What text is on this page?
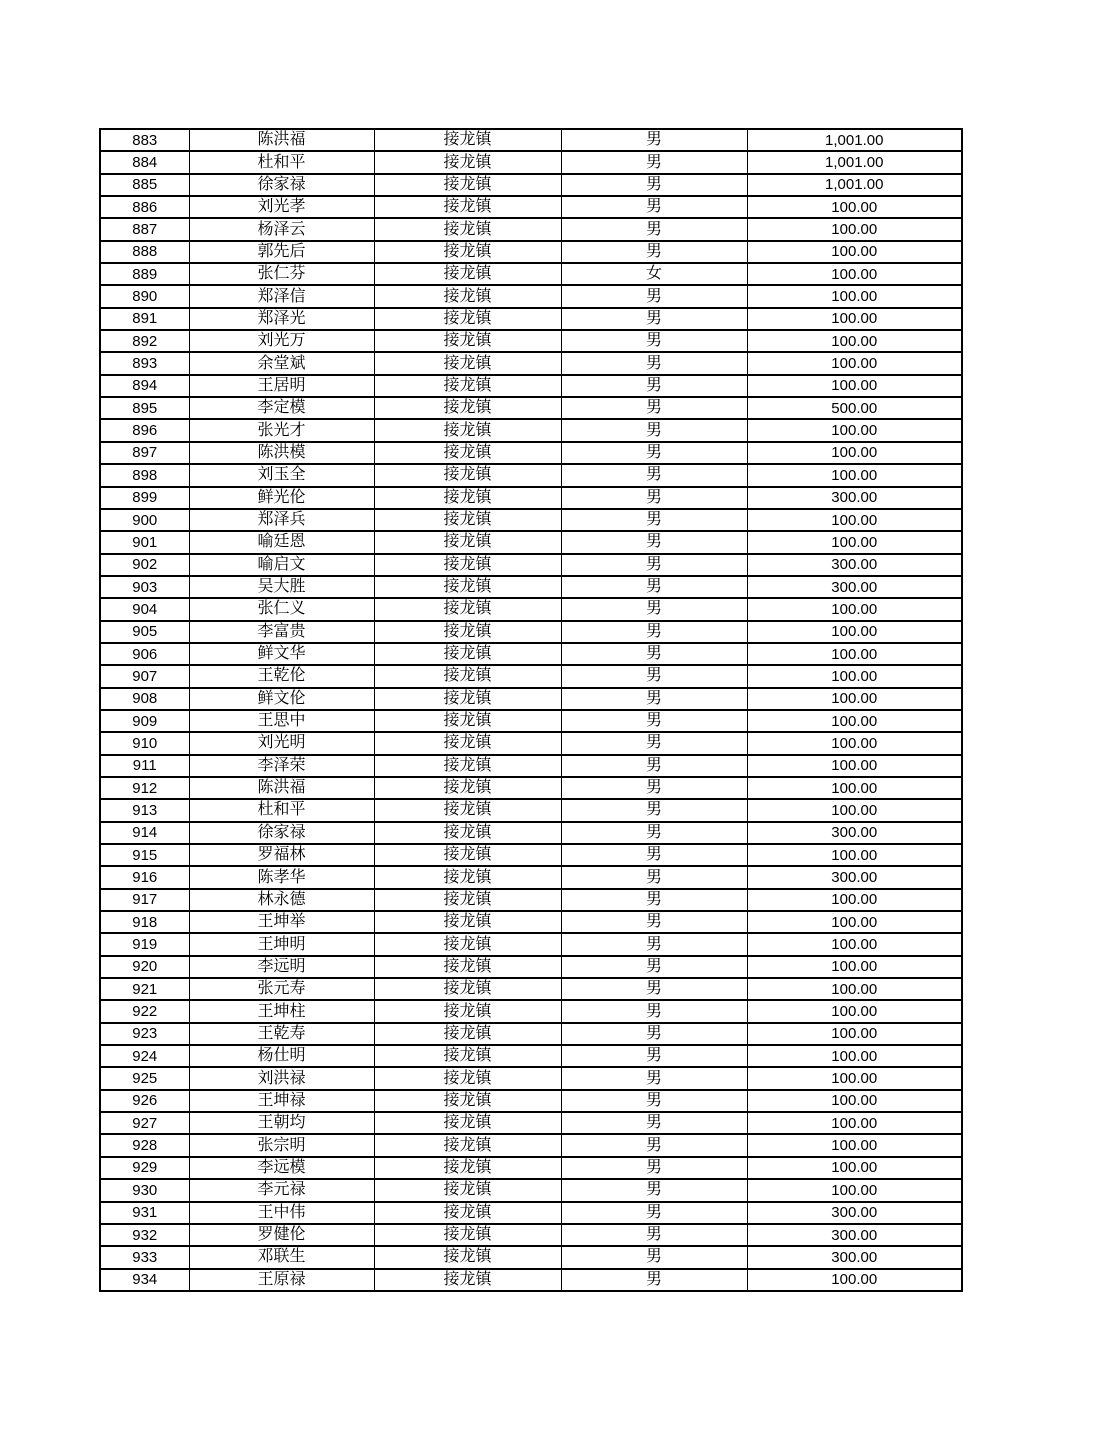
883	陈洪福	接龙镇	男	1,001.00
884	杜和平	接龙镇	男	1,001.00
885	徐家禄	接龙镇	男	1,001.00
886	刘光孝	接龙镇	男	100.00
887	杨泽云	接龙镇	男	100.00
888	郭先后	接龙镇	男	100.00
889	张仁芬	接龙镇	女	100.00
890	郑泽信	接龙镇	男	100.00
891	郑泽光	接龙镇	男	100.00
892	刘光万	接龙镇	男	100.00
893	余堂斌	接龙镇	男	100.00
894	王居明	接龙镇	男	100.00
895	李定模	接龙镇	男	500.00
896	张光才	接龙镇	男	100.00
897	陈洪模	接龙镇	男	100.00
898	刘玉全	接龙镇	男	100.00
899	鲜光伦	接龙镇	男	300.00
900	郑泽兵	接龙镇	男	100.00
901	喻廷恩	接龙镇	男	100.00
902	喻启文	接龙镇	男	300.00
903	吴大胜	接龙镇	男	300.00
904	张仁义	接龙镇	男	100.00
905	李富贵	接龙镇	男	100.00
906	鲜文华	接龙镇	男	100.00
907	王乾伦	接龙镇	男	100.00
908	鲜文伦	接龙镇	男	100.00
909	王思中	接龙镇	男	100.00
910	刘光明	接龙镇	男	100.00
911	李泽荣	接龙镇	男	100.00
912	陈洪福	接龙镇	男	100.00
913	杜和平	接龙镇	男	100.00
914	徐家禄	接龙镇	男	300.00
915	罗福林	接龙镇	男	100.00
916	陈孝华	接龙镇	男	300.00
917	林永德	接龙镇	男	100.00
918	王坤举	接龙镇	男	100.00
919	王坤明	接龙镇	男	100.00
920	李远明	接龙镇	男	100.00
921	张元寿	接龙镇	男	100.00
922	王坤柱	接龙镇	男	100.00
923	王乾寿	接龙镇	男	100.00
924	杨仕明	接龙镇	男	100.00
925	刘洪禄	接龙镇	男	100.00
926	王坤禄	接龙镇	男	100.00
927	王朝均	接龙镇	男	100.00
928	张宗明	接龙镇	男	100.00
929	李远模	接龙镇	男	100.00
930	李元禄	接龙镇	男	100.00
931	王中伟	接龙镇	男	300.00
932	罗健伦	接龙镇	男	300.00
933	邓联生	接龙镇	男	300.00
934	王原禄	接龙镇	男	100.00
